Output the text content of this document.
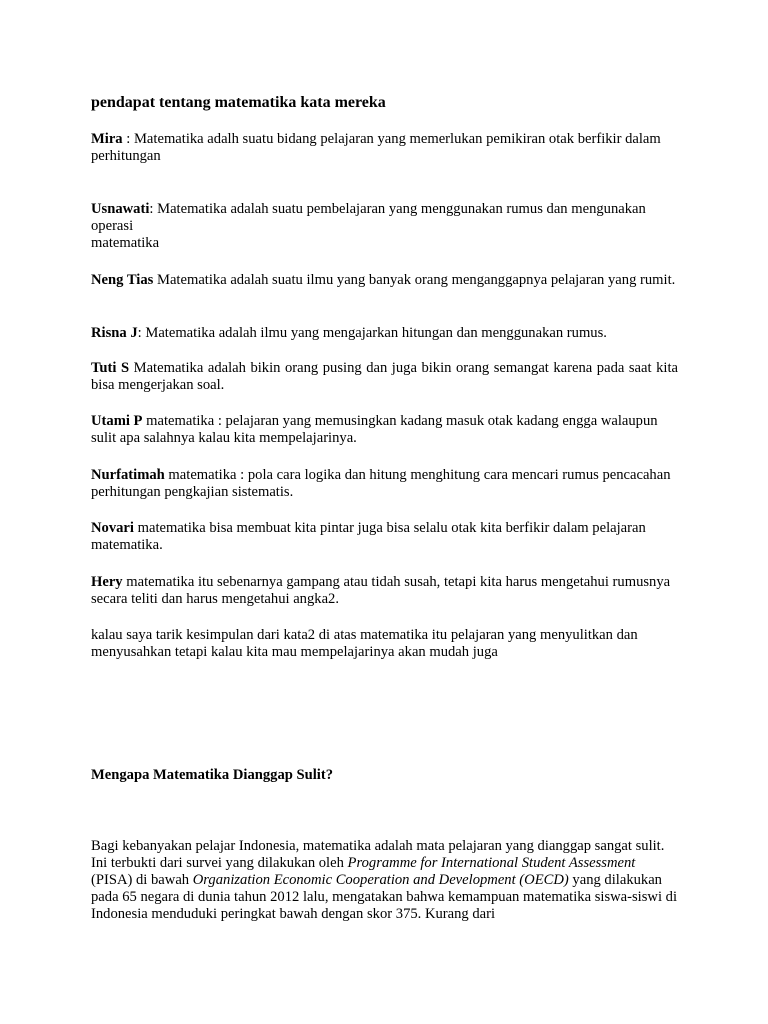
pendapat tentang matematika kata mereka

Mira : Matematika adalh suatu bidang pelajaran yang memerlukan pemikiran otak berfikir dalam perhitungan

Usnawati: Matematika adalah suatu pembelajaran yang menggunakan rumus dan mengunakan
operasi
matematika

Neng Tias Matematika adalah suatu ilmu yang banyak orang menganggapnya pelajaran yang rumit.

Risna J: Matematika adalah ilmu yang mengajarkan hitungan dan menggunakan rumus.

Tuti S Matematika adalah bikin orang pusing dan juga bikin orang semangat karena pada saat kita bisa mengerjakan soal.

Utami P matematika : pelajaran yang memusingkan kadang masuk otak kadang engga walaupun sulit apa salahnya kalau kita mempelajarinya.

Nurfatimah matematika : pola cara logika dan hitung menghitung cara mencari rumus pencacahan perhitungan pengkajian sistematis.

Novari matematika bisa membuat kita pintar juga bisa selalu otak kita berfikir dalam pelajaran matematika.

Hery matematika itu sebenarnya gampang atau tidah susah, tetapi kita harus mengetahui rumusnya secara teliti dan harus mengetahui angka2.

kalau saya tarik kesimpulan dari kata2 di atas matematika itu pelajaran yang menyulitkan dan menyusahkan tetapi kalau kita mau mempelajarinya akan mudah juga

Mengapa Matematika Dianggap Sulit?

Bagi kebanyakan pelajar Indonesia, matematika adalah mata pelajaran yang dianggap sangat sulit. Ini terbukti dari survei yang dilakukan oleh Programme for International Student Assessment (PISA) di bawah Organization Economic Cooperation and Development (OECD) yang dilakukan pada 65 negara di dunia tahun 2012 lalu, mengatakan bahwa kemampuan matematika siswa-siswi di Indonesia menduduki peringkat bawah dengan skor 375. Kurang dari
